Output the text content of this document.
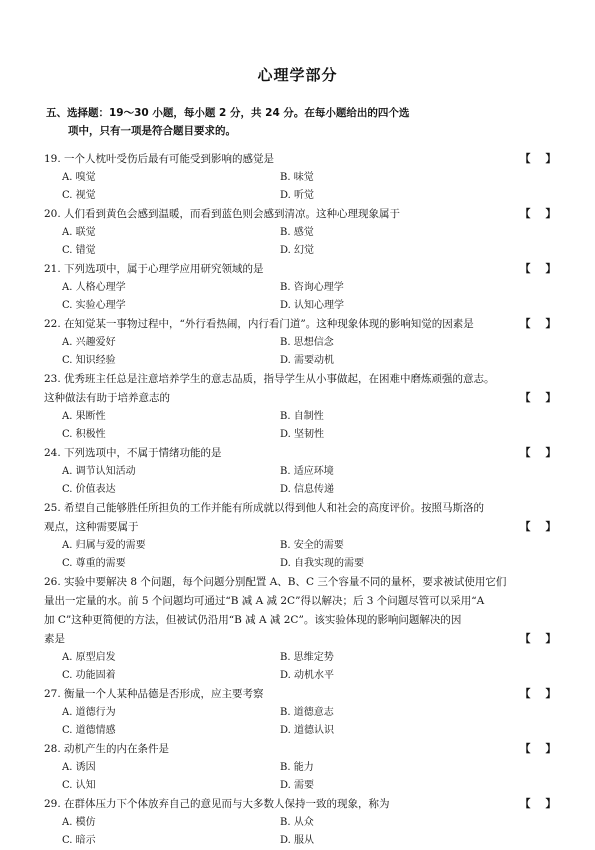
心理学部分
五、选择题：19～30 小题，每小题 2 分，共 24 分。在每小题给出的四个选
项中，只有一项是符合题目要求的。
19. 一个人枕叶受伤后最有可能受到影响的感觉是	【 】
A. 嗅觉	B. 味觉
C. 视觉	D. 听觉
20. 人们看到黄色会感到温暖，而看到蓝色则会感到清凉。这种心理现象属于	【 】
A. 联觉	B. 感觉
C. 错觉	D. 幻觉
21. 下列选项中，属于心理学应用研究领域的是	【 】
A. 人格心理学	B. 咨询心理学
C. 实验心理学	D. 认知心理学
22. 在知觉某一事物过程中，“外行看热闹，内行看门道”。这种现象体现的影响知觉的因素是	【 】
A. 兴趣爱好	B. 思想信念
C. 知识经验	D. 需要动机
23. 优秀班主任总是注意培养学生的意志品质，指导学生从小事做起，在困难中磨炼顽强的意志。
这种做法有助于培养意志的	【 】
A. 果断性	B. 自制性
C. 积极性	D. 坚韧性
24. 下列选项中，不属于情绪功能的是	【 】
A. 调节认知活动	B. 适应环境
C. 价值表达	D. 信息传递
25. 希望自己能够胜任所担负的工作并能有所成就以得到他人和社会的高度评价。按照马斯洛的
观点，这种需要属于	【 】
A. 归属与爱的需要	B. 安全的需要
C. 尊重的需要	D. 自我实现的需要
26. 实验中要解决 8 个问题，每个问题分别配置 A、B、C 三个容量不同的量杯，要求被试使用它们
量出一定量的水。前 5 个问题均可通过“B 减 A 减 2C”得以解决；后 3 个问题尽管可以采用“A
加 C”这种更简便的方法，但被试仍沿用“B 减 A 减 2C”。该实验体现的影响问题解决的因
素是	【 】
A. 原型启发	B. 思维定势
C. 功能固着	D. 动机水平
27. 衡量一个人某种品德是否形成，应主要考察	【 】
A. 道德行为	B. 道德意志
C. 道德情感	D. 道德认识
28. 动机产生的内在条件是	【 】
A. 诱因	B. 能力
C. 认知	D. 需要
29. 在群体压力下个体放弃自己的意见而与大多数人保持一致的现象，称为	【 】
A. 模仿	B. 从众
C. 暗示	D. 服从
